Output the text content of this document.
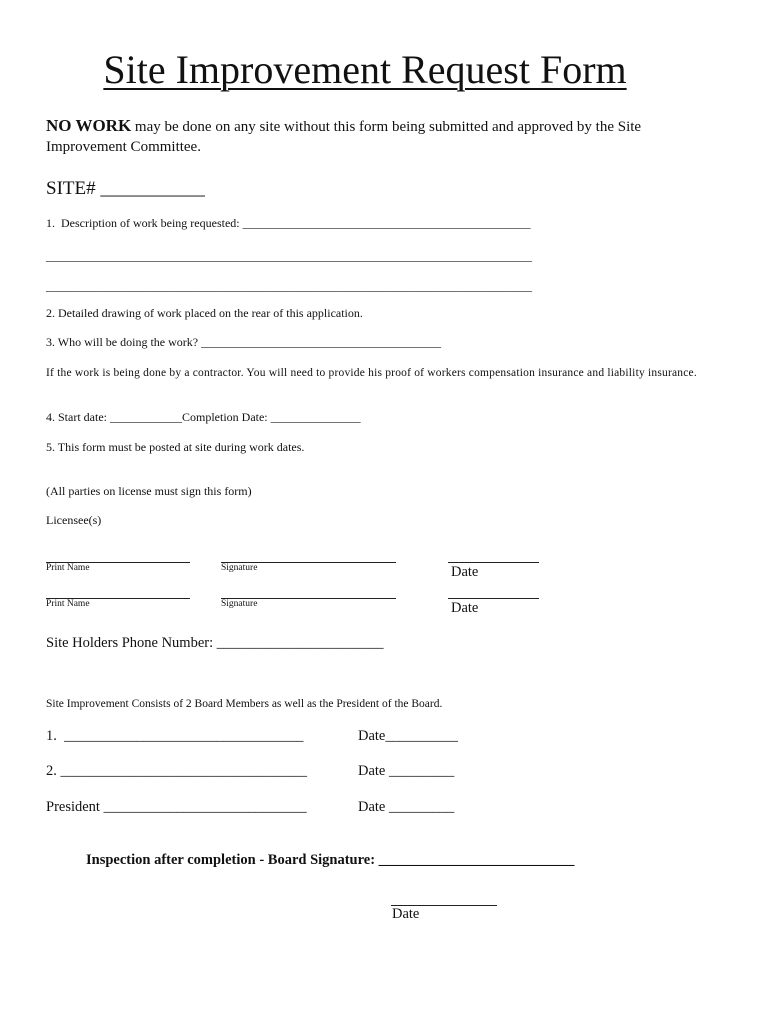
Site Improvement Request Form
NO WORK may be done on any site without this form being submitted and approved by the Site Improvement Committee.
SITE# ___________
1.  Description of work being requested: ________________________________________________
_________________________________________________________________________________
_________________________________________________________________________________
2. Detailed drawing of work placed on the rear of this application.
3. Who will be doing the work? ________________________________________
If the work is being done by a contractor. You will need to provide his proof of workers compensation insurance and liability insurance.
4. Start date: ____________Completion Date: _______________
5. This form must be posted at site during work dates.
(All parties on license must sign this form)
Licensee(s)
Print Name	Signature	Date
Print Name	Signature	Date
Site Holders Phone Number: _______________________
Site Improvement Consists of 2 Board Members as well as the President of the Board.
1.  _________________________________	Date__________
2. __________________________________	Date _________
President ____________________________	Date _________
Inspection after completion - Board Signature: ___________________________
Date
